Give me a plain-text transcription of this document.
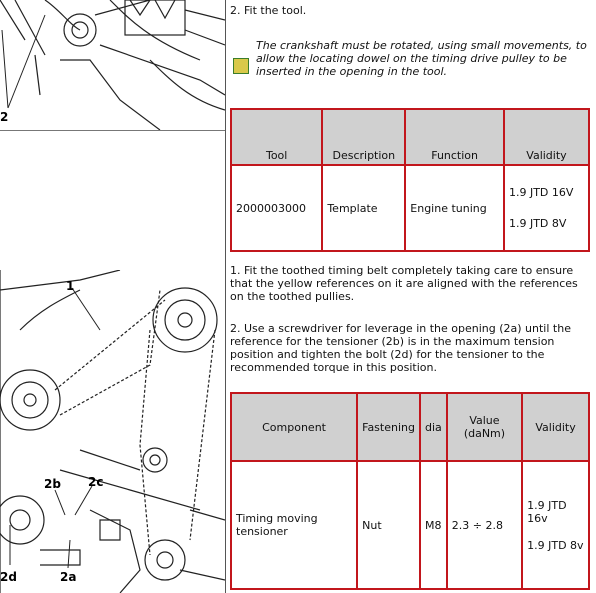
2
1
2b 2c
2d	2a
2. Fit the tool.
The crankshaft must be rotated, using small movements, to allow the locating dowel on the timing drive pulley to be inserted in the opening in the tool.
Tool	Description	Function	Validity
2000003000	Template	Engine tuning	1.9 JTD 16V
1.9 JTD 8V
1. Fit the toothed timing belt completely taking care to ensure that the yellow references on it are aligned with the references on the toothed pullies.
2. Use a screwdriver for leverage in the opening (2a) until the reference for the tensioner (2b) is in the maximum tension position and tighten the bolt (2d) for the tensioner to the recommended torque in this position.
Component	Fastening	dia	Value (daNm)	Validity
Timing moving tensioner	Nut	M8	2.3 ÷ 2.8	1.9 JTD 16v
1.9 JTD 8v
